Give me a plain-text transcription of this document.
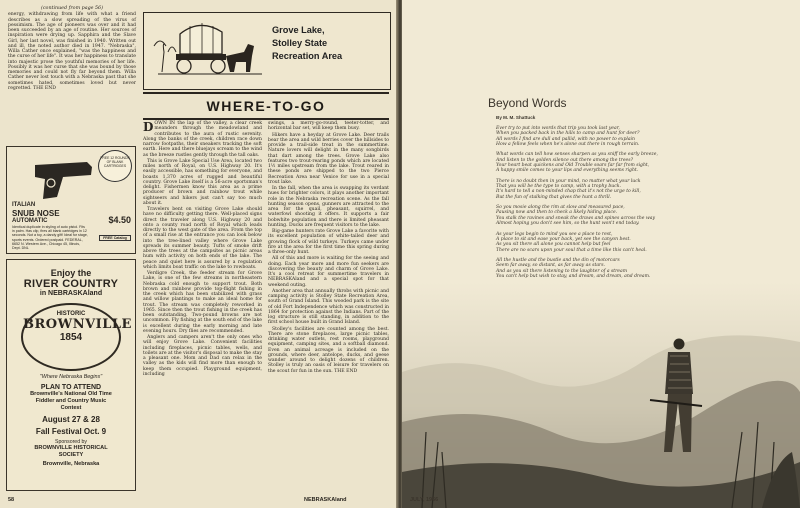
(continued from page 56)
energy, withdrawing from life with what a friend describes as a slow spreading of the virus of pessimism. The age of pioneers was over and it had been succeeded by an age of routine. Her sources of inspiration were drying up. Sapphira and the Slave Girl, her last novel, was finished in 1940. Written out and ill, the noted author died in 1947. "Nebraska", Willa Cather once explained, "was the happiness and the curse of her life". It was her happiness to translate into majestic prose the youthful memories of her life. Possibly it was her curse that she was bound by those memories and could not fly far beyond them. Willa Cather never lost touch with a Nebraska past that she sometimes hated, sometimes loved but never regretted. THE END
FREE 12 ROUNDS OF BLANK CARTRIDGES
ITALIAN
SNUB NOSE
AUTOMATIC
Identical duplicate in styling of auto pistol. Fits in palm. Has clip, fires all blank cartridges in 12 seconds. Not a toy, a dandy gift! Ideal for stage, sports events. Ordered postpaid. FEDERAL, 6652 N. Western Ave., Chicago 45, Illinois, Dept. DNL
$4.50
FREE Catalog
Enjoy the
RIVER COUNTRY
in NEBRASKAland
HISTORIC
BROWNVILLE
1854
"Where Nebraska Begins"
PLAN TO ATTEND
Brownville's National Old Time
Fiddler and Country Music
Contest
August 27 & 28
Fall Festival Oct. 9
Sponsored by
BROWNVILLE HISTORICAL
SOCIETY
Brownville, Nebraska
Grove Lake,
Stolley State
Recreation Area
WHERE-TO-GO

DOWN IN the lap of the valley, a clear creek meanders through the meadowland and contributes to the aura of rustic serenity. Along the banks of the creek, children race down narrow footpaths, their sneakers tracking the soft earth. Here and there bluejays scream to the wind as the breeze rustles gently through the tall oaks.

This is Grove Lake Special Use Area, located two miles north of Royal, on U.S. Highway 20. It's easily accessible, has something for everyone, and boasts 1,370 acres of rugged and beautiful country. Grove Lake itself is a 56-acre sportsman's delight. Fishermen know this area as a prime producer of brown and rainbow trout while sightseers and hikers just can't say too much about it.

Travelers bent on visiting Grove Lake should have no difficulty getting there. Well-placed signs direct the traveler along U.S. Highway 20 and onto a county road north of Royal which leads directly to the west gate of the area. From the top of a small rise at the entrance you can look below into the tree-lined valley where Grove Lake spreads its summer beauty. Tufts of smoke drift above the trees at the campsites as picnic areas hum with activity on both ends of the lake. The peace and quiet here is assured by a regulation which limits boat traffic on the lake to rowboats.

Verdigre Creek, the feeder stream for Grove Lake, is one of the few streams in northeastern Nebraska cold enough to support trout. Both brown and rainbow provide top-flight fishing in the creek which has been stabilized with grass and willow plantings to make an ideal home for trout. The stream was completely reworked in 1965. Since then the trout fishing in the creek has been outstanding. Two-pound browns are not uncommon. Fly fishing at the south end of the lake is excellent during the early morning and late evening hours. Dry flies are recommended.

Anglers and campers aren't the only ones who will enjoy Grove Lake. Convenient facilities including fireplaces, picnic tables, wells, and toilets are at the visitor's disposal to make the stay a pleasant one. Mom and Dad can relax in the valley as the kids will find more than enough to keep them occupied. Playground equipment, including

swings, a merry-go-round, teeter-totter, and horizontal bar set, will keep them busy.

Hikers have a heyday at Grove Lake. Deer trails bear the area and wild berries cover the hillsides to provide a trail-side treat in the summertime. Nature lovers will delight in the many songbirds that dart among the trees. Grove Lake also features two trout-rearing ponds which are located 1½ miles upstream from the lake. Trout reared in these ponds are shipped to the two Pierce Recreation Area near Venice for use in a special trout lake.

In the fall, when the area is swapping its verdant hues for brighter colors, it plays another important role in the Nebraska recreation scene. As the fall hunting season opens, gunners are attracted to the area for the quail, pheasant, squirrel, and waterfowl shooting it offers. It supports a fair bobwhite population and there is limited pheasant hunting. Ducks are frequent visitors to the lake.

Big-game hunters rate Grove Lake a favorite with its excellent population of white-tailed deer and growing flock of wild turkeys. Turkeys came under fire at the area for the first time this spring during a three-only hunt.

All of this and more is waiting for the seeing and doing. Each year more and more fun seekers are discovering the beauty and charm of Grove Lake. It's a cool retreat for summertime travelers in NEBRASKAland and a special spot for that weekend outing.

Another area that annually throbs with picnic and camping activity is Stolley State Recreation Area, south of Grand Island. This wooded park is the site of old Fort Independence which was constructed in 1864 for protection against the Indians. Part of the log structure is still standing, in addition to the first school house built in Grand Island.

Stolley's facilities are counted among the best. There are stone fireplaces, large picnic tables, drinking water outlets, rest rooms, playground equipment, camping sites, and a softball diamond. Even an animal acreage is included on the grounds, where deer, antelope, ducks, and geese wander around to delight dozens of children. Stolley is truly an oasis of leisure for travelers on the scout for fun in the sun. THE END

58	NEBRASKAland
Beyond Words
By M. M. Shattuck
Ever try to put into words that trip you took last year,
When you packed back in the hills to camp and hunt for deer?
All words I find are dull and pallid, with no power to explain
How a fellow feels when he's alone out there in rough terrain.
What words can tell how senses sharpen as you sniff the early breeze,
And listen to the golden silence out there among the trees?
Your heart beat quickens and Old Trouble soars far far from sight,
A happy smile comes to your lips and everything seems right.
There is no doubt then in your mind, no matter what your luck
That you will be the type to camp, with a trophy buck.
It's hard to tell a non-minded chap that it's not the urge to kill,
But the fun of stalking that gives the hunt a thrill.
So you mosie along the rim at slow and measured pace,
Pausing now and then to check a likely hiding place.
You stalk the ravines and sneak the draws and spines across the way
Almost hoping you don't see him, so the hunt won't end today.
As your legs begin to mind you see a place to rest,
A place to sit and ease your back, yet see the canyon best.
As you sit there all alone you cannot help but feel
There are no scars upon your soul that a time like this can't heal.
All the hustle and the bustle and the din of motorcars
Seem far away, so distant, as far away as stars.
And as you sit there listening to the laughter of a stream
You can't help but wish to stay, and dream, and dream, and dream.
JULY, 1966
